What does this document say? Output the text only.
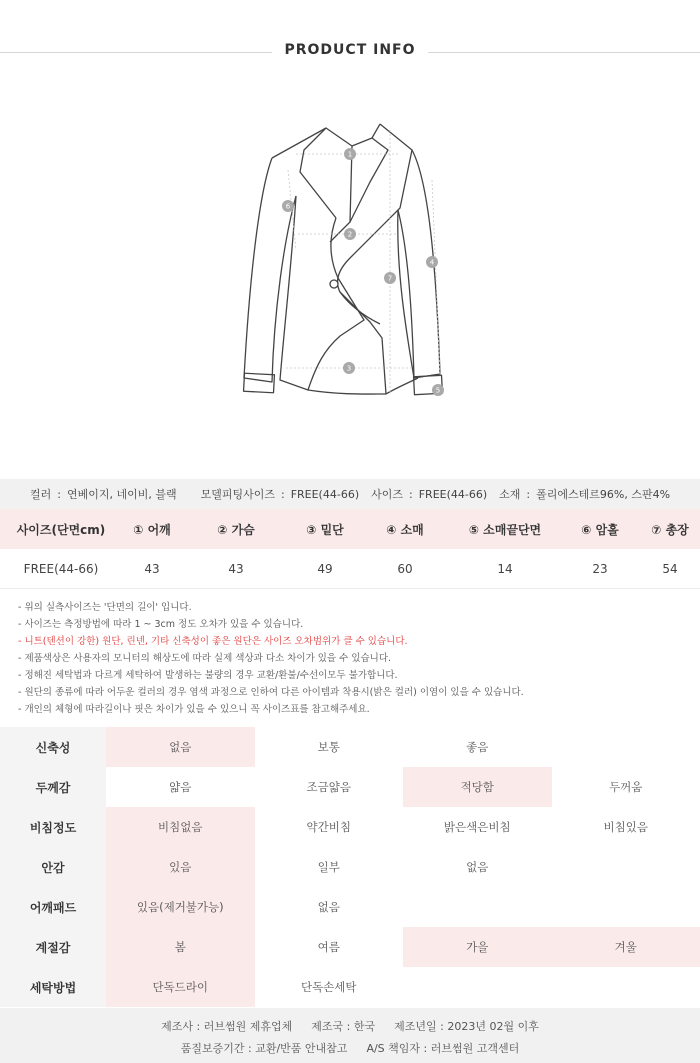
PRODUCT INFO
1
2
3
4
5
6
7
컬러 : 연베이지, 네이비, 블랙 모델피팅사이즈 : FREE(44-66) 사이즈 : FREE(44-66) 소재 : 폴리에스테르96%, 스판4%
사이즈(단면cm)	① 어깨	② 가슴	③ 밑단	④ 소매	⑤ 소매끝단면	⑥ 암홀	⑦ 총장
FREE(44-66)	43	43	49	60	14	23	54
- 위의 실측사이즈는 '단면의 길이' 입니다.
- 사이즈는 측정방법에 따라 1 ~ 3cm 정도 오차가 있을 수 있습니다.
- 니트(텐션이 강한) 원단, 린넨, 기타 신축성이 좋은 원단은 사이즈 오차범위가 클 수 있습니다.
- 제품색상은 사용자의 모니터의 해상도에 따라 실제 색상과 다소 차이가 있을 수 있습니다.
- 정해진 세탁법과 다르게 세탁하여 발생하는 불량의 경우 교환/환불/수선이모두 불가합니다.
- 원단의 종류에 따라 어두운 컬러의 경우 염색 과정으로 인하여 다른 아이템과 착용시(밝은 컬러) 이염이 있을 수 있습니다.
- 개인의 체형에 따라길이나 핏은 차이가 있을 수 있으니 꼭 사이즈표를 참고해주세요.
신축성	없음	보통	좋음
두께감	얇음	조금얇음	적당함	두꺼움
비침정도	비침없음	약간비침	밝은색은비침	비침있음
안감	있음	일부	없음
어깨패드	있음(제거불가능)	없음
계절감	봄	여름	가을	겨울
세탁방법	단독드라이	단독손세탁
제조사 : 러브썸원 제휴업체 제조국 : 한국 제조년일 : 2023년 02월 이후
품질보증기간 : 교환/반품 안내참고 A/S 책임자 : 러브썸원 고객센터
